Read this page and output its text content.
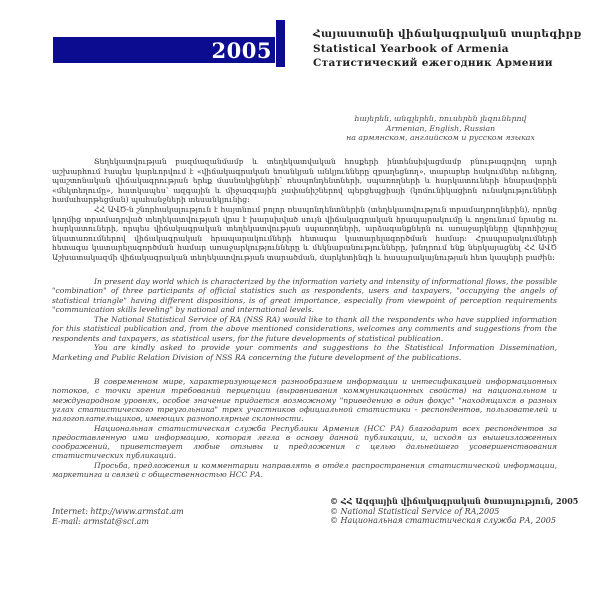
2005
Հայաստանի վիճակագրական տարեգիրք
Statistical Yearbook of Armenia
Статистический ежегодник Армении
հայերեն, անգլերեն, ռուսերեն լեզուներով
Armenian, English, Russian
на армянском, английском и русском языках

Տեղեկատվության բազմազանմամբ և տեղեկատվական հոսքերի ինտենսիվացմամբ բնութագրվող արդի աշխարհում էապես կարևորվում է «վիճակագրական եռանկյան անկյունները զբաղեցնող», տարաբեր հակումներ ունեցող, պաշտոնական վիճակագրության երեք մասնակիցների՝ ռեսպոնդենտների, սպառողների և հարկատուների հնարավորին «մեկտեղումը», հատկապես՝ ազգային և միջազգային չափանիշներով պերցեպցիայի (կոմունիկացիոն ունակությունների համահարթեցման) պահանջների տեսանկյունից:

ՀՀ ԱՎԾ-ն շնորհակալություն է հայտնում բոլոր ռեսպոնդենտներին (տեղեկատվություն տրամադրողներին), որոնց կողմից տրամադրված տեղեկատվության վրա է խարսխված սույն վիճակագրական հրապարակումը և ողջունում նրանց ու հարկատուների, որպես վիճակագրական տեղեկատվության սպառողների, արձագանքներն ու առաջարկները վերոհիշյալ նկատառումներով վիճակագրական հրապարակումների հետագա կատարելագործման համար: Հրապարակումների հետագա կատարելագործման համար առաջարկությունները և մեկնաբանությունները, խնդրում ենք ներկայացնել ՀՀ ԱՎԾ Աշխատակազմի վիճակագրական տեղեկատվության տարածման, մարկետինգի և հասարակայնության հետ կապերի բաժին:

In present day world which is characterized by the information variety and intensity of informational flows, the possible "combination" of three participants of official statistics such as respondents, users and taxpayers, "occupying the angels of statistical triangle" having different dispositions, is of great importance, especially from viewpoint of perception requirements "communication skills leveling" by national and international levels.

The National Statistical Service of RA (NSS RA) would like to thank all the respondents who have supplied information for this statistical publication and, from the above mentioned considerations, welcomes any comments and suggestions from the respondents and taxpayers, as statistical users, for the future developments of statistical publication.

You are kindly asked to provide your comments and suggestions to the Statistical Information Dissemination, Marketing and Public Relation Division of NSS RA concerning the future development of the publications.

В современном мире, характеризующемся разнообразием информации и интесификацией информационных потоков, с точки зрения требований перцепции (выравнивания коммуникационных свойств) на национальном и международном уровнях, особое значение придается возможному "приведению в один фокус" "находящихся в разных углах статистического треугольника" трех участников официальной статистики - респондентов, пользователей и налогоплательщиков, имеющих разнополярные склонности.

Национальная статистическая служба Республики Армения (НСС РА) благодарит всех респондентов за предоставленную ими информацию, которая легла в основу данной публикации, и, исходя из вышеизложенных соображений, приветствует любые отзывы и предложения с целью дальнейшего усовершенствования статистических публикаций.

Просьба, предложения и комментарии направлять в отдел распространения статистической информации, маркетинга и связей с общественностью НСС РА.

Internet: http://www.armstat.am
E-mail: armstat@sci.am
© ՀՀ Ազգային վիճակագրական ծառայություն, 2005
© National Statistical Service of RA,2005
© Национальная статистическая служба РА, 2005
